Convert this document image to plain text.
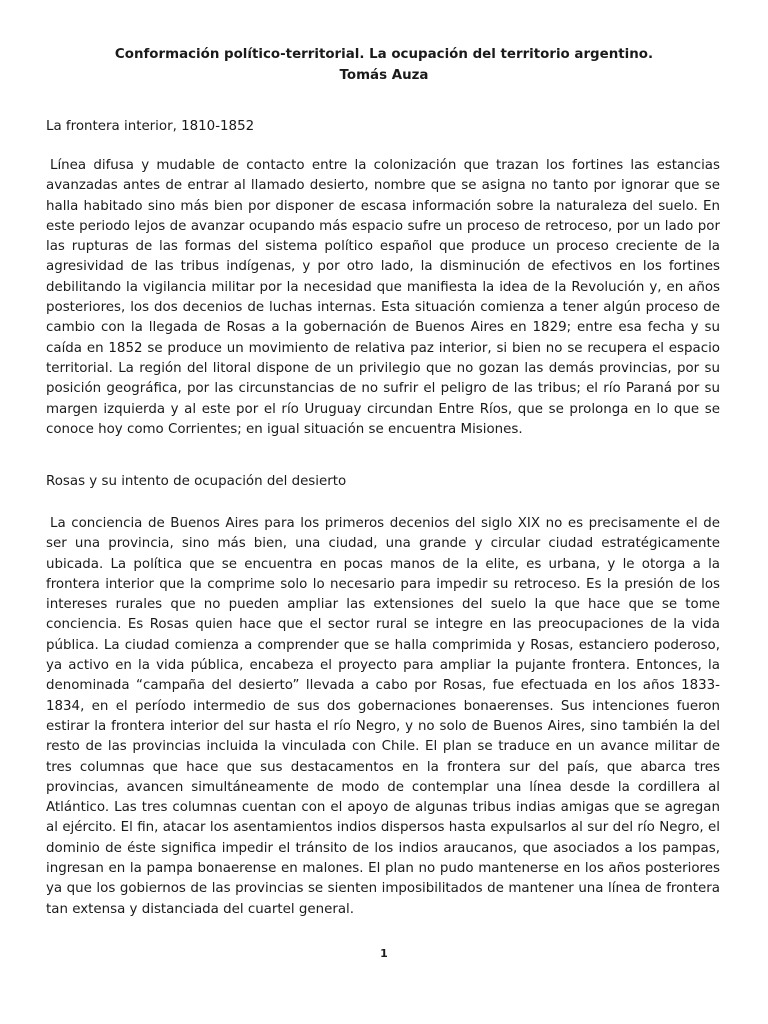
Conformación político-territorial. La ocupación del territorio argentino.
Tomás Auza
La frontera interior, 1810-1852
Línea difusa y mudable de contacto entre la colonización que trazan los fortines las estancias avanzadas antes de entrar al llamado desierto, nombre que se asigna no tanto por ignorar que se halla habitado sino más bien por disponer de escasa información sobre la naturaleza del suelo. En este periodo lejos de avanzar ocupando más espacio sufre un proceso de retroceso, por un lado por las rupturas de las formas del sistema político español que produce un proceso creciente de la agresividad de las tribus indígenas, y por otro lado, la disminución de efectivos en los fortines debilitando la vigilancia militar por la necesidad que manifiesta la idea de la Revolución y, en años posteriores, los dos decenios de luchas internas. Esta situación comienza a tener algún proceso de cambio con la llegada de Rosas a la gobernación de Buenos Aires en 1829; entre esa fecha y su caída en 1852 se produce un movimiento de relativa paz interior, si bien no se recupera el espacio territorial. La región del litoral dispone de un privilegio que no gozan las demás provincias, por su posición geográfica, por las circunstancias de no sufrir el peligro de las tribus; el río Paraná por su margen izquierda y al este por el río Uruguay circundan Entre Ríos, que se prolonga en lo que se conoce hoy como Corrientes; en igual situación se encuentra Misiones.
Rosas y su intento de ocupación del desierto
La conciencia de Buenos Aires para los primeros decenios del siglo XIX no es precisamente el de ser una provincia, sino más bien, una ciudad, una grande y circular ciudad estratégicamente ubicada. La política que se encuentra en pocas manos de la elite, es urbana, y le otorga a la frontera interior que la comprime solo lo necesario para impedir su retroceso. Es la presión de los intereses rurales que no pueden ampliar las extensiones del suelo la que hace que se tome conciencia. Es Rosas quien hace que el sector rural se integre en las preocupaciones de la vida pública. La ciudad comienza a comprender que se halla comprimida y Rosas, estanciero poderoso, ya activo en la vida pública, encabeza el proyecto para ampliar la pujante frontera. Entonces, la denominada “campaña del desierto” llevada a cabo por Rosas, fue efectuada en los años 1833-1834, en el período intermedio de sus dos gobernaciones bonaerenses. Sus intenciones fueron estirar la frontera interior del sur hasta el río Negro, y no solo de Buenos Aires, sino también la del resto de las provincias incluida la vinculada con Chile. El plan se traduce en un avance militar de tres columnas que hace que sus destacamentos en la frontera sur del país, que abarca tres provincias, avancen simultáneamente de modo de contemplar una línea desde la cordillera al Atlántico. Las tres columnas cuentan con el apoyo de algunas tribus indias amigas que se agregan al ejército. El fin, atacar los asentamientos indios dispersos hasta expulsarlos al sur del río Negro, el dominio de éste significa impedir el tránsito de los indios araucanos, que asociados a los pampas, ingresan en la pampa bonaerense en malones. El plan no pudo mantenerse en los años posteriores ya que los gobiernos de las provincias se sienten imposibilitados de mantener una línea de frontera tan extensa y distanciada del cuartel general.
1
